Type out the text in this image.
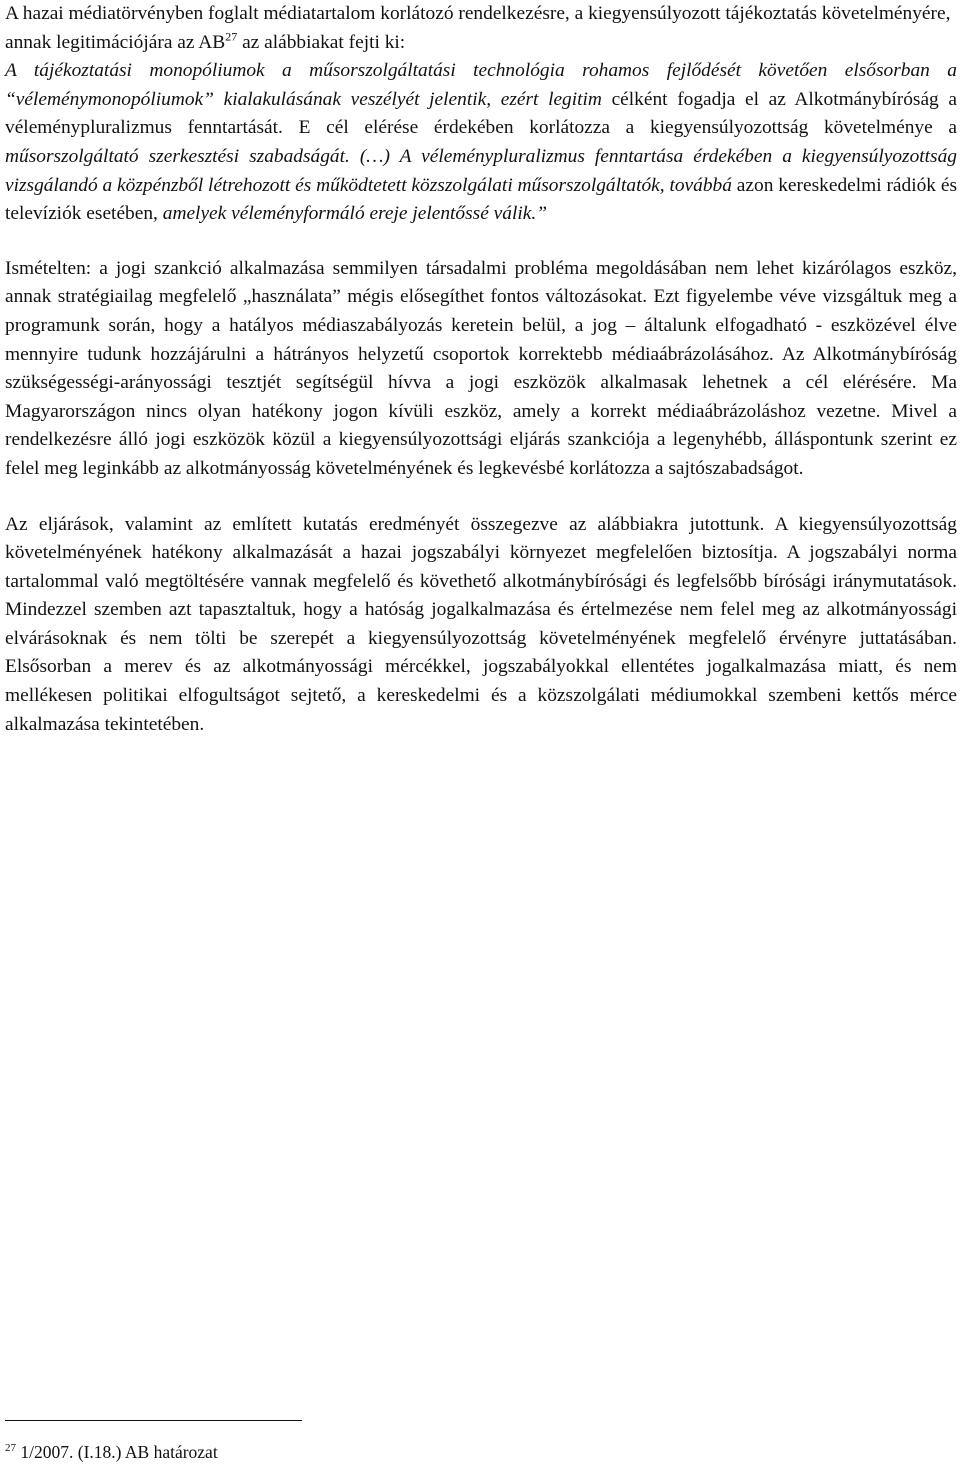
A hazai médiatörvényben foglalt médiatartalom korlátozó rendelkezésre, a kiegyensúlyozott tájékoztatás követelményére, annak legitimációjára az AB$^{27}$ az alábbiakat fejti ki:

A tájékoztatási monopóliumok a műsorszolgáltatási technológia rohamos fejlődését követően elsősorban a “véleménymonopóliumok” kialakulásának veszélyét jelentik, ezért legitim célként fogadja el az Alkotmánybíróság a véleménypluralizmus fenntartását. E cél elérése érdekében korlátozza a kiegyensúlyozottság követelménye a műsorszolgáltató szerkesztési szabadságát. (…) A véleménypluralizmus fenntartása érdekében a kiegyensúlyozottság vizsgálandó a közpénzből létrehozott és működtetett közszolgálati műsorszolgáltatók, továbbá azon kereskedelmi rádiók és televíziók esetében, amelyek véleményformáló ereje jelentőssé válik.”

Ismételten: a jogi szankció alkalmazása semmilyen társadalmi probléma megoldásában nem lehet kizárólagos eszköz, annak stratégiailag megfelelő „használata” mégis elősegíthet fontos változásokat. Ezt figyelembe véve vizsgáltuk meg a programunk során, hogy a hatályos médiaszabályozás keretein belül, a jog – általunk elfogadható - eszközével élve mennyire tudunk hozzájárulni a hátrányos helyzetű csoportok korrektebb médiaábrázolásához. Az Alkotmánybíróság szükségességi-arányossági tesztjét segítségül hívva a jogi eszközök alkalmasak lehetnek a cél elérésére. Ma Magyarországon nincs olyan hatékony jogon kívüli eszköz, amely a korrekt médiaábrázoláshoz vezetne. Mivel a rendelkezésre álló jogi eszközök közül a kiegyensúlyozottsági eljárás szankciója a legenyhébb, álláspontunk szerint ez felel meg leginkább az alkotmányosság követelményének és legkevésbé korlátozza a sajtószabadságot.

Az eljárások, valamint az említett kutatás eredményét összegezve az alábbiakra jutottunk. A kiegyensúlyozottság követelményének hatékony alkalmazását a hazai jogszabályi környezet megfelelően biztosítja. A jogszabályi norma tartalommal való megtöltésére vannak megfelelő és követhető alkotmánybírósági és legfelsőbb bírósági iránymutatások. Mindezzel szemben azt tapasztaltuk, hogy a hatóság jogalkalmazása és értelmezése nem felel meg az alkotmányossági elvárásoknak és nem tölti be szerepét a kiegyensúlyozottság követelményének megfelelő érvényre juttatásában. Elsősorban a merev és az alkotmányossági mércékkel, jogszabályokkal ellentétes jogalkalmazása miatt, és nem mellékesen politikai elfogultságot sejtető, a kereskedelmi és a közszolgálati médiumokkal szembeni kettős mérce alkalmazása tekintetében.

$^{27}$ 1/2007. (I.18.) AB határozat
